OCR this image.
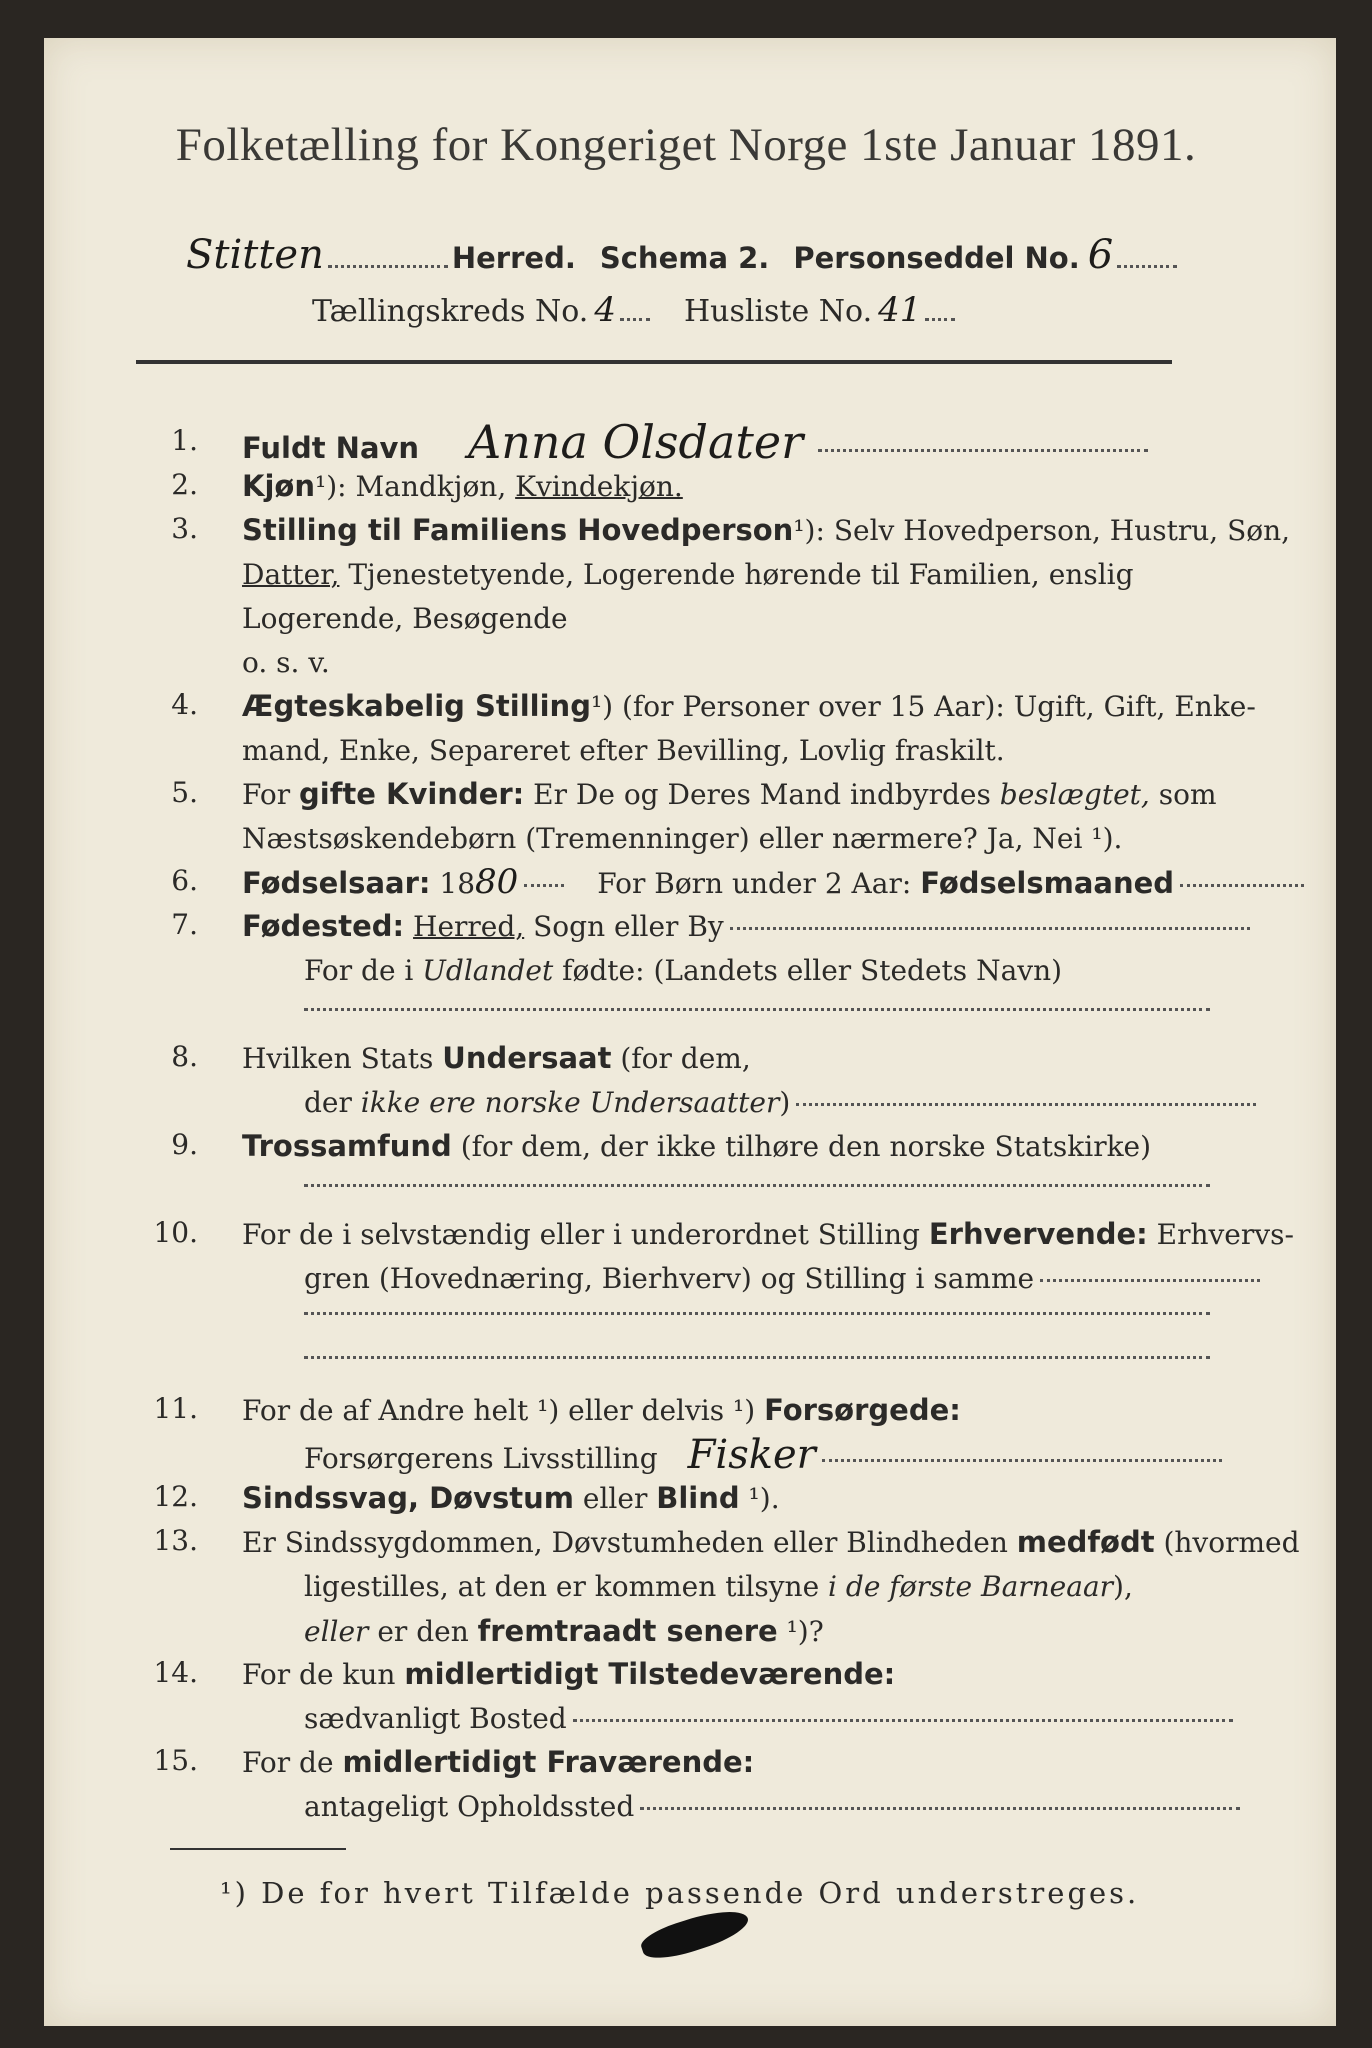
Folketælling for Kongeriget Norge 1ste Januar 1891.
Stitten	Herred. Schema 2. Personseddel No. 6
Tællingskreds No. 4 Husliste No. 41
1. Fuldt Navn Anna Olsdater
2. Kjøn¹): Mandkjøn, Kvindekjøn.
3. Stilling til Familiens Hovedperson¹): Selv Hovedperson, Hustru, Søn,
Datter, Tjenestetyende, Logerende hørende til Familien, enslig
Logerende, Besøgende
o. s. v.
4. Ægteskabelig Stilling¹) (for Personer over 15 Aar): Ugift, Gift, Enke-
mand, Enke, Separeret efter Bevilling, Lovlig fraskilt.
5. For gifte Kvinder: Er De og Deres Mand indbyrdes beslægtet, som
Næstsøskendebørn (Tremenninger) eller nærmere? Ja, Nei ¹).
6. Fødselsaar: 1880	For Børn under 2 Aar: Fødselsmaaned
7. Fødested: Herred, Sogn eller By
For de i Udlandet fødte: (Landets eller Stedets Navn)
8. Hvilken Stats Undersaat (for dem,
der ikke ere norske Undersaatter)
9. Trossamfund (for dem, der ikke tilhøre den norske Statskirke)
10. For de i selvstændig eller i underordnet Stilling Erhvervende: Erhvervs-
gren (Hovednæring, Bierhverv) og Stilling i samme
11. For de af Andre helt ¹) eller delvis ¹) Forsørgede:
Forsørgerens Livsstilling Fisker
12. Sindssvag, Døvstum eller Blind ¹).
13. Er Sindssygdommen, Døvstumheden eller Blindheden medfødt (hvormed
ligestilles, at den er kommen tilsyne i de første Barneaar),
eller er den fremtraadt senere ¹)?
14. For de kun midlertidigt Tilstedeværende:
sædvanligt Bosted
15. For de midlertidigt Fraværende:
antageligt Opholdssted
¹) De for hvert Tilfælde passende Ord understreges.
